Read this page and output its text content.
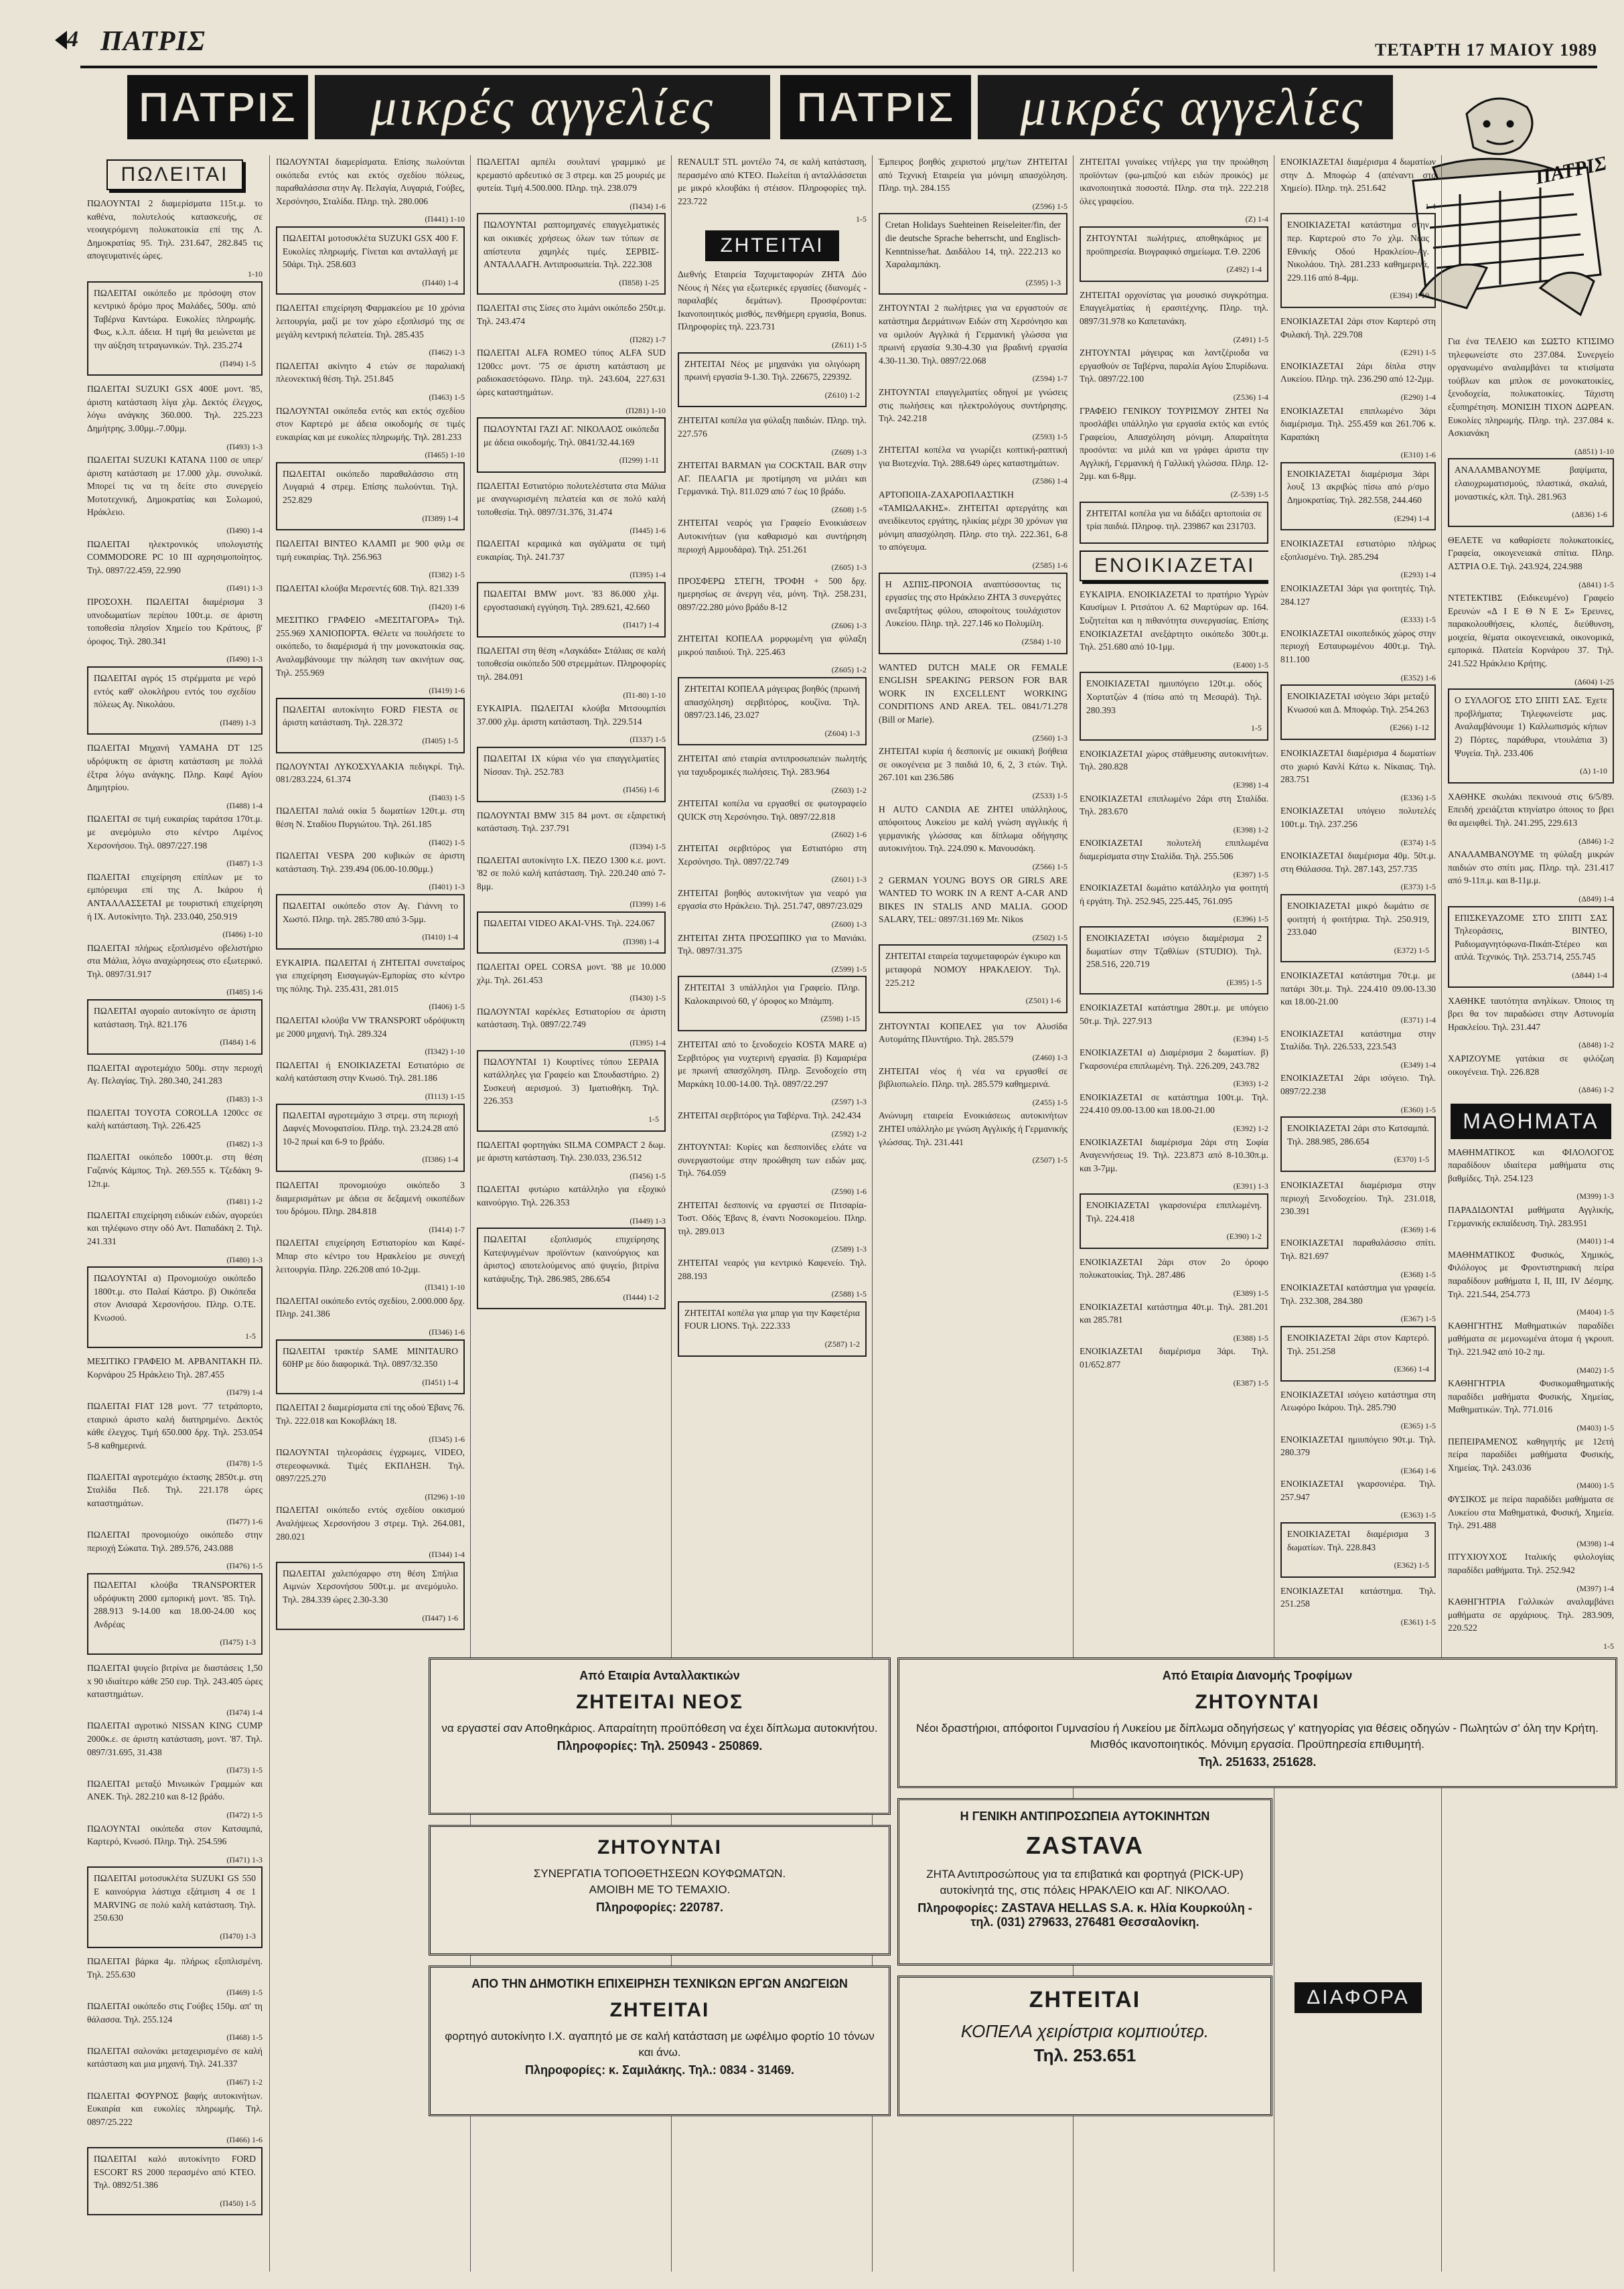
4 ΠΑΤΡΙΣ	ΤΕΤΑΡΤΗ 17 ΜΑΙΟΥ 1989
ΠΑΤΡΙΣ μικρές αγγελίες ΠΑΤΡΙΣ μικρές αγγελίες
ΠΑΤΡΙΣ
ΠΩΛΕΙΤΑΙ

ΠΩΛΟΥΝΤΑΙ 2 διαμερίσματα 115τ.μ. το καθένα, πολυτελούς κατασκευής, σε νεοαγερόμενη πολυκατοικία επί της Λ. Δημοκρατίας 95. Τηλ. 231.647, 282.845 τις απογευματινές ώρες.

1-10

ΠΩΛΕΙΤΑΙ οικόπεδο με πρόσοψη στον κεντρικό δρόμο προς Μαλάδες, 500μ. από Ταβέρνα Καντώρα. Ευκολίες πληρωμής. Φως, κ.λ.π. άδεια. Η τιμή θα μειώνεται με την αύξηση τετραγωνικών. Τηλ. 235.274

(Π494) 1-5

ΠΩΛΕΙΤΑΙ SUZUKI GSX 400E μοντ. '85, άριστη κατάσταση λίγα χλμ. Δεκτός έλεγχος, λόγω ανάγκης 360.000. Τηλ. 225.223 Δημήτρης. 3.00μμ.-7.00μμ.

(Π493) 1-3

ΠΩΛΕΙΤΑΙ SUZUKI KATANA 1100 σε υπερ/άριστη κατάσταση με 17.000 χλμ. συνολικά. Μπορεί τις να τη δείτε στο συνεργείο Μοτοτεχνική, Δημοκρατίας και Σολωμού, Ηράκλειο.

(Π490) 1-4

ΠΩΛΕΙΤΑΙ ηλεκτρονικός υπολογιστής COMMODORE PC 10 III αχρησιμοποίητος. Τηλ. 0897/22.459, 22.990

(Π491) 1-3

ΠΡΟΣΟΧΗ. ΠΩΛΕΙΤΑΙ διαμέρισμα 3 υπνοδωματίων περίπου 100τ.μ. σε άριστη τοποθεσία πλησίον Χημείο του Κράτους, β' όροφος. Τηλ. 280.341

(Π490) 1-3

ΠΩΛΕΙΤΑΙ αγρός 15 στρέμματα με νερό εντός καθ' ολοκλήρου εντός του σχεδίου πόλεως Αγ. Νικολάου.

(Π489) 1-3

ΠΩΛΕΙΤΑΙ Μηχανή YAMAHA DT 125 υδρόψυκτη σε άριστη κατάσταση με πολλά έξτρα λόγω ανάγκης. Πληρ. Καφέ Αγίου Δημητρίου.

(Π488) 1-4

ΠΩΛΕΙΤΑΙ σε τιμή ευκαιρίας ταράτσα 170τ.μ. με ανεμόμυλο στο κέντρο Λιμένος Χερσονήσου. Τηλ. 0897/227.198

(Π487) 1-3

ΠΩΛΕΙΤΑΙ επιχείρηση επίπλων με το εμπόρευμα επί της Λ. Ικάρου ή ΑΝΤΑΛΛΑΣΣΕΤΑΙ με τουριστική επιχείρηση ή ΙΧ. Αυτοκίνητο. Τηλ. 233.040, 250.919

(Π486) 1-10

ΠΩΛΕΙΤΑΙ πλήρως εξοπλισμένο οβελιστήριο στα Μάλια, λόγω αναχώρησεως στο εξωτερικό. Τηλ. 0897/31.917

(Π485) 1-6

ΠΩΛΕΙΤΑΙ αγοραίο αυτοκίνητο σε άριστη κατάσταση. Τηλ. 821.176

(Π484) 1-6

ΠΩΛΕΙΤΑΙ αγροτεμάχιο 500μ. στην περιοχή Αγ. Πελαγίας. Τηλ. 280.340, 241.283

(Π483) 1-3

ΠΩΛΕΙΤΑΙ TOYOTA COROLLA 1200cc σε καλή κατάσταση. Τηλ. 226.425

(Π482) 1-3

ΠΩΛΕΙΤΑΙ οικόπεδο 1000τ.μ. στη θέση Γαζανός Κάμπος. Τηλ. 269.555 κ. Τζεδάκη 9-12π.μ.

(Π481) 1-2

ΠΩΛΕΙΤΑΙ επιχείρηση ειδικών ειδών, αγορεύει και τηλέφωνο στην οδό Αντ. Παπαδάκη 2. Τηλ. 241.331

(Π480) 1-3

ΠΩΛΟΥΝΤΑΙ α) Προνομιούχο οικόπεδο 1800τ.μ. στο Παλαί Κάστρο. β) Οικόπεδα στον Ανισαρά Χερσονήσου. Πληρ. Ο.ΤΕ. Κνωσού.

1-5

ΜΕΣΙΤΙΚΟ ΓΡΑΦΕΙΟ Μ. ΑΡΒΑΝΙΤΑΚΗ Πλ. Κορνάρου 25 Ηράκλειο Τηλ. 287.455

(Π479) 1-4

ΠΩΛΕΙΤΑΙ FIAT 128 μοντ. '77 τετράπορτο, εταιρικό άριστο καλή διατηρημένο. Δεκτός κάθε έλεγχος. Τιμή 650.000 δρχ. Τηλ. 253.054 5-8 καθημερινά.

(Π478) 1-5

ΠΩΛΕΙΤΑΙ αγροτεμάχιο έκτασης 2850τ.μ. στη Σταλίδα Πεδ. Τηλ. 221.178 ώρες καταστημάτων.

(Π477) 1-6

ΠΩΛΕΙΤΑΙ προνομιούχο οικόπεδο στην περιοχή Σώκατα. Τηλ. 289.576, 243.088

(Π476) 1-5

ΠΩΛΕΙΤΑΙ κλούβα TRANSPORTER υδρόψυκτη 2000 εμπορική μοντ. '85. Τηλ. 288.913 9-14.00 και 18.00-24.00 κος Ανδρέας

(Π475) 1-3

ΠΩΛΕΙΤΑΙ ψυγείο βιτρίνα με διαστάσεις 1,50 x 90 ιδιαίτερο κάθε 250 ευρ. Τηλ. 243.405 ώρες καταστημάτων.

(Π474) 1-4

ΠΩΛΕΙΤΑΙ αγροτικό NISSAN KING CUMP 2000κ.ε. σε άριστη κατάσταση, μοντ. '87. Τηλ. 0897/31.695, 31.438

(Π473) 1-5

ΠΩΛΕΙΤΑΙ μεταξύ Μινωικών Γραμμών και ΑΝΕΚ. Τηλ. 282.210 και 8-12 βράδυ.

(Π472) 1-5

ΠΩΛΟΥΝΤΑΙ οικόπεδα στον Κατσαμπά, Καρτερό, Κνωσό. Πληρ. Τηλ. 254.596

(Π471) 1-3

ΠΩΛΕΙΤΑΙ μοτοσυκλέτα SUZUKI GS 550 E καινούργια λάστιχα εξάτμιση 4 σε 1 MARVING σε πολύ καλή κατάσταση. Τηλ. 250.630

(Π470) 1-3

ΠΩΛΕΙΤΑΙ βάρκα 4μ. πλήρως εξοπλισμένη. Τηλ. 255.630

(Π469) 1-5

ΠΩΛΕΙΤΑΙ οικόπεδο στις Γούβες 150μ. απ' τη θάλασσα. Τηλ. 255.124

(Π468) 1-5

ΠΩΛΕΙΤΑΙ σαλονάκι μεταχειρισμένο σε καλή κατάσταση και μια μηχανή. Τηλ. 241.337

(Π467) 1-2

ΠΩΛΕΙΤΑΙ ΦΟΥΡΝΟΣ βαφής αυτοκινήτων. Ευκαιρία και ευκολίες πληρωμής. Τηλ. 0897/25.222

(Π466) 1-6

ΠΩΛΕΙΤΑΙ καλό αυτοκίνητο FORD ESCORT RS 2000 περασμένο από ΚΤΕΟ. Τηλ. 0892/51.386

(Π450) 1-5

ΠΩΛΟΥΝΤΑΙ διαμερίσματα. Επίσης πωλούνται οικόπεδα εντός και εκτός σχεδίου πόλεως, παραθαλάσσια στην Αγ. Πελαγία, Λυγαριά, Γούβες, Χερσόνησο, Σταλίδα. Πληρ. τηλ. 280.006

(Π441) 1-10

ΠΩΛΕΙΤΑΙ μοτοσυκλέτα SUZUKI GSX 400 F. Ευκολίες πληρωμής. Γίνεται και ανταλλαγή με 50άρι. Τηλ. 258.603

(Π440) 1-4

ΠΩΛΕΙΤΑΙ επιχείρηση Φαρμακείου με 10 χρόνια λειτουργία, μαζί με τον χώρο εξοπλισμό της σε μεγάλη κεντρική πελατεία. Τηλ. 285.435

(Π462) 1-3

ΠΩΛΕΙΤΑΙ ακίνητο 4 ετών σε παραλιακή πλεονεκτική θέση. Τηλ. 251.845

(Π463) 1-5

ΠΩΛΟΥΝΤΑΙ οικόπεδα εντός και εκτός σχεδίου στον Καρτερό με άδεια οικοδομής σε τιμές ευκαιρίας και με ευκολίες πληρωμής. Τηλ. 281.233

(Π465) 1-10

ΠΩΛΕΙΤΑΙ οικόπεδο παραθαλάσσιο στη Λυγαριά 4 στρεμ. Επίσης πωλούνται. Τηλ. 252.829

(Π389) 1-4

ΠΩΛΕΙΤΑΙ BINTEO ΚΛΑΜΠ με 900 φιλμ σε τιμή ευκαιρίας. Τηλ. 256.963

(Π382) 1-5

ΠΩΛΕΙΤΑΙ κλούβα Μερσεντές 608. Τηλ. 821.339

(Π420) 1-6

ΜΕΣΙΤΙΚΟ ΓΡΑΦΕΙΟ «ΜΕΣΙΤΑΓΟΡΑ» Τηλ. 255.969 ΧΑΝΙΟΠΟΡΤΑ. Θέλετε να πουλήσετε το οικόπεδο, το διαμέρισμά ή την μονοκατοικία σας. Αναλαμβάνουμε την πώληση των ακινήτων σας. Τηλ. 255.969

(Π419) 1-6

ΠΩΛΕΙΤΑΙ αυτοκίνητο FORD FIESTA σε άριστη κατάσταση. Τηλ. 228.372

(Π405) 1-5

ΠΩΛΟΥΝΤΑΙ ΛΥΚΟΣΧΥΛΑΚΙΑ πεδιγκρί. Τηλ. 081/283.224, 61.374

(Π403) 1-5

ΠΩΛΕΙΤΑΙ παλιά οικία 5 δωματίων 120τ.μ. στη θέση Ν. Σταδίου Πυργιώτου. Τηλ. 261.185

(Π402) 1-5

ΠΩΛΕΙΤΑΙ VESPA 200 κυβικών σε άριστη κατάσταση. Τηλ. 239.494 (06.00-10.00μμ.)

(Π401) 1-3

ΠΩΛΕΙΤΑΙ οικόπεδο στον Αγ. Γιάννη το Χωστό. Πληρ. τηλ. 285.780 από 3-5μμ.

(Π410) 1-4

ΕΥΚΑΙΡΙΑ. ΠΩΛΕΙΤΑΙ ή ΖΗΤΕΙΤΑΙ συνεταίρος για επιχείρηση Εισαγωγών-Εμπορίας στο κέντρο της πόλης. Τηλ. 235.431, 281.015

(Π406) 1-5

ΠΩΛΕΙΤΑΙ κλούβα VW TRANSPORT υδρόψυκτη με 2000 μηχανή. Τηλ. 289.324

(Π342) 1-10

ΠΩΛΕΙΤΑΙ ή ΕΝΟΙΚΙΑΖΕΤΑΙ Εστιατόριο σε καλή κατάσταση στην Κνωσό. Τηλ. 281.186

(Π113) 1-15

ΠΩΛΕΙΤΑΙ αγροτεμάχιο 3 στρεμ. στη περιοχή Δαφνές Μονοφατσίου. Πληρ. τηλ. 23.24.28 από 10-2 πρωί και 6-9 το βράδυ.

(Π386) 1-4

ΠΩΛΕΙΤΑΙ προνομιούχο οικόπεδο 3 διαμερισμάτων με άδεια σε δεξαμενή οικοπέδων του δρόμου. Πληρ. 284.818

(Π414) 1-7

ΠΩΛΕΙΤΑΙ επιχείρηση Εστιατορίου και Καφέ-Μπαρ στο κέντρο του Ηρακλείου με συνεχή λειτουργία. Πληρ. 226.208 από 10-2μμ.

(Π341) 1-10

ΠΩΛΕΙΤΑΙ οικόπεδο εντός σχεδίου, 2.000.000 δρχ. Πληρ. 241.386

(Π346) 1-6

ΠΩΛΕΙΤΑΙ τρακτέρ SAME MINITAURO 60HP με δύο διαφορικά. Τηλ. 0897/32.350

(Π451) 1-4

ΠΩΛΕΙΤΑΙ 2 διαμερίσματα επί της οδού Έβανς 76. Τηλ. 222.018 και Κοκοβλάκη 18.

(Π345) 1-6

ΠΩΛΟΥΝΤΑΙ τηλεοράσεις έγχρωμες, VIDEO, στερεοφωνικά. Τιμές ΕΚΠΛΗΞΗ. Τηλ. 0897/225.270

(Π296) 1-10

ΠΩΛΕΙΤΑΙ οικόπεδο εντός σχεδίου οικισμού Αναλήψεως Χερσονήσου 3 στρεμ. Τηλ. 264.081, 280.021

(Π344) 1-4

ΠΩΛΕΙΤΑΙ χαλεπόχαρφο στη θέση Σπήλια Αιμνών Χερσονήσου 500τ.μ. με ανεμόμυλο. Τηλ. 284.339 ώρες 2.30-3.30

(Π447) 1-6

ΠΩΛΕΙΤΑΙ αμπέλι σουλτανί γραμμικό με κρεμαστό αρδευτικό σε 3 στρεμ. και 25 μουριές με φυτεία. Τιμή 4.500.000. Πληρ. τηλ. 238.079

(Π434) 1-6

ΠΩΛΟΥΝΤΑΙ ραπτομηχανές επαγγελματικές και οικιακές χρήσεως όλων των τύπων σε απίστευτα χαμηλές τιμές. ΣΕΡΒΙΣ-ΑΝΤΑΛΛΑΓΗ. Αντιπροσωπεία. Τηλ. 222.308

(Π858) 1-25

ΠΩΛΕΙΤΑΙ στις Σίσες στο λιμάνι οικόπεδο 250τ.μ. Τηλ. 243.474

(Π282) 1-7

ΠΩΛΕΙΤΑΙ ALFA ROMEO τύπος ALFA SUD 1200cc μοντ. '75 σε άριστη κατάσταση με ραδιοκασετόφωνο. Πληρ. τηλ. 243.604, 227.631 ώρες καταστημάτων.

(Π281) 1-10

ΠΩΛΟΥΝΤΑΙ ΓΑΖΙ ΑΓ. ΝΙΚΟΛΑΟΣ οικόπεδα με άδεια οικοδομής. Τηλ. 0841/32.44.169

(Π299) 1-11

ΠΩΛΕΙΤΑΙ Εστιατόριο πολυτελέστατα στα Μάλια με αναγνωρισμένη πελατεία και σε πολύ καλή τοποθεσία. Τηλ. 0897/31.376, 31.474

(Π445) 1-6

ΠΩΛΕΙΤΑΙ κεραμικά και αγάλματα σε τιμή ευκαιρίας. Τηλ. 241.737

(Π395) 1-4

ΠΩΛΕΙΤΑΙ BMW μοντ. '83 86.000 χλμ. εργοστασιακή εγγύηση. Τηλ. 289.621, 42.660

(Π417) 1-4

ΠΩΛΕΙΤΑΙ στη θέση «Λαγκάδα» Στάλιας σε καλή τοποθεσία οικόπεδο 500 στρεμμάτων. Πληροφορίες τηλ. 284.091

(Π1-80) 1-10

ΕΥΚΑΙΡΙΑ. ΠΩΛΕΙΤΑΙ κλούβα Μιτσουμπίσι 37.000 χλμ. άριστη κατάσταση. Τηλ. 229.514

(Π337) 1-5

ΠΩΛΕΙΤΑΙ ΙΧ κύρια νέο για επαγγελματίες Νίσσαν. Τηλ. 252.783

(Π456) 1-6

ΠΩΛΟΥΝΤΑΙ BMW 315 84 μοντ. σε εξαιρετική κατάσταση. Τηλ. 237.791

(Π394) 1-5

ΠΩΛΕΙΤΑΙ αυτοκίνητο Ι.Χ. ΠΕΖΟ 1300 κ.ε. μοντ. '82 σε πολύ καλή κατάσταση. Τηλ. 220.240 από 7-8μμ.

(Π399) 1-6

ΠΩΛΕΙΤΑΙ VIDEO AKAI-VHS. Τηλ. 224.067

(Π398) 1-4

ΠΩΛΕΙΤΑΙ OPEL CORSA μοντ. '88 με 10.000 χλμ. Τηλ. 261.453

(Π430) 1-5

ΠΩΛΟΥΝΤΑΙ καρέκλες Εστιατορίου σε άριστη κατάσταση. Τηλ. 0897/22.749

(Π395) 1-4

ΠΩΛΟΥΝΤΑΙ 1) Κουρτίνες τύπου ΣΕΡΑΙΑ κατάλληλες για Γραφείο και Σπουδαστήριο. 2) Συσκευή αερισμού. 3) Ιματιοθήκη. Τηλ. 226.353

1-5

ΠΩΛΕΙΤΑΙ φορτηγάκι SILMA COMPACT 2 δωμ. με άριστη κατάσταση. Τηλ. 230.033, 236.512

(Π456) 1-5

ΠΩΛΕΙΤΑΙ φυτώριο κατάλληλο για εξοχικό καινούργιο. Τηλ. 226.353

(Π449) 1-3

ΠΩΛΕΙΤΑΙ εξοπλισμός επιχείρησης Κατεψυγμένων προϊόντων (καινούργιος και άριστος) αποτελούμενος από ψυγείο, βιτρίνα κατάψυξης. Τηλ. 286.985, 286.654

(Π444) 1-2

RENAULT 5TL μοντέλο 74, σε καλή κατάσταση, περασμένο από ΚΤΕΟ. Πωλείται ή ανταλλάσσεται με μικρό κλουβάκι ή στέισον. Πληροφορίες τηλ. 223.722

1-5
ΖΗΤΕΙΤΑΙ

Διεθνής Εταιρεία Ταχυμεταφορών ΖΗΤΑ Δύο Νέους ή Νέες για εξωτερικές εργασίες (διανομές - παραλαβές δεμάτων). Προσφέρονται: Ικανοποιητικός μισθός, πενθήμερη εργασία, Bonus. Πληροφορίες τηλ. 223.731

(Z611) 1-5

ΖΗΤΕΙΤΑΙ Νέος με μηχανάκι για ολιγόωρη πρωινή εργασία 9-1.30. Τηλ. 226675, 229392.

(Z610) 1-2

ΖΗΤΕΙΤΑΙ κοπέλα για φύλαξη παιδιών. Πληρ. τηλ. 227.576

(Z609) 1-3

ΖΗΤΕΙΤΑΙ BARMAN για COCKTAIL BAR στην ΑΓ. ΠΕΛΑΓΙΑ με προτίμηση να μιλάει και Γερμανικά. Τηλ. 811.029 από 7 έως 10 βράδυ.

(Z608) 1-5

ΖΗΤΕΙΤΑΙ νεαρός για Γραφείο Ενοικιάσεων Αυτοκινήτων (για καθαρισμό και συντήρηση περιοχή Αμμουδάρα). Τηλ. 251.261

(Z605) 1-3

ΠΡΟΣΦΕΡΩ ΣΤΕΓΗ, ΤΡΟΦΗ + 500 δρχ. ημερησίως σε άνεργη νέα, μόνη. Τηλ. 258.231, 0897/22.280 μόνο βράδυ 8-12

(Z606) 1-3

ΖΗΤΕΙΤΑΙ ΚΟΠΕΛΑ μορφωμένη για φύλαξη μικρού παιδιού. Τηλ. 225.463

(Z605) 1-2

ΖΗΤΕΙΤΑΙ ΚΟΠΕΛΑ μάγειρας βοηθός (πρωινή απασχόληση) σερβιτόρος, κουζίνα. Τηλ. 0897/23.146, 23.027

(Z604) 1-3

ΖΗΤΕΙΤΑΙ από εταιρία αντιπροσωπειών πωλητής για ταχυδρομικές πωλήσεις. Τηλ. 283.964

(Z603) 1-2

ΖΗΤΕΙΤΑΙ κοπέλα να εργασθεί σε φωτογραφείο QUICK στη Χερσόνησο. Τηλ. 0897/22.818

(Z602) 1-6

ΖΗΤΕΙΤΑΙ σερβιτόρος για Εστιατόριο στη Χερσόνησο. Τηλ. 0897/22.749

(Z601) 1-3

ΖΗΤΕΙΤΑΙ βοηθός αυτοκινήτων για νεαρό για εργασία στο Ηράκλειο. Τηλ. 251.747, 0897/23.029

(Z600) 1-3

ΖΗΤΕΙΤΑΙ ΖΗΤΑ ΠΡΟΣΩΠΙΚΟ για το Μανιάκι. Τηλ. 0897/31.375

(Z599) 1-5

ΖΗΤΕΙΤΑΙ 3 υπάλληλοι για Γραφείο. Πληρ. Καλοκαιρινού 60, γ' όροφος κο Μπάμπη.

(Z598) 1-15

ΖΗΤΕΙΤΑΙ από το ξενοδοχείο KOSTA MARE α) Σερβιτόρος για νυχτερινή εργασία. β) Καμαριέρα με πρωινή απασχόληση. Πληρ. Ξενοδοχείο στη Μαρκάκη 10.00-14.00. Τηλ. 0897/22.297

(Z597) 1-3

ΖΗΤΕΙΤΑΙ σερβιτόρος για Ταβέρνα. Τηλ. 242.434

(Z592) 1-2

ΖΗΤΟΥΝΤΑΙ: Κυρίες και δεσποινίδες ελάτε να συνεργαστούμε στην προώθηση των ειδών μας. Τηλ. 764.059

(Z590) 1-6

ΖΗΤΕΙΤΑΙ δεσποινίς να εργαστεί σε Πιτσαρία-Τοστ. Οδός Έβανς 8, έναντι Νοσοκομείου. Πληρ. τηλ. 289.013

(Z589) 1-3

ΖΗΤΕΙΤΑΙ νεαρός για κεντρικό Καφενείο. Τηλ. 288.193

(Z588) 1-5

ΖΗΤΕΙΤΑΙ κοπέλα για μπαρ για την Καφετέρια FOUR LIONS. Τηλ. 222.333

(Z587) 1-2

Έμπειρος βοηθός χειριστού μηχ/των ΖΗΤΕΙΤΑΙ από Τεχνική Εταιρεία για μόνιμη απασχόληση. Πληρ. τηλ. 284.155

(Z596) 1-5

Cretan Holidays Suehteinen Reiseleiter/fin, der die deutsche Sprache beherrscht, und Englisch-Kenntnisse/hat. Δαιδάλου 14, τηλ. 222.213 κο Χαραλαμπάκη.

(Z595) 1-3

ΖΗΤΟΥΝΤΑΙ 2 πωλήτριες για να εργαστούν σε κατάστημα Δερμάτινων Ειδών στη Χερσόνησο και να ομιλούν Αγγλικά ή Γερμανική γλώσσα για πρωινή εργασία 9.30-4.30 για βραδινή εργασία 4.30-11.30. Τηλ. 0897/22.068

(Z594) 1-7

ΖΗΤΟΥΝΤΑΙ επαγγελματίες οδηγοί με γνώσεις στις πωλήσεις και ηλεκτρολόγους συντήρησης. Τηλ. 242.218

(Z593) 1-5

ΖΗΤΕΙΤΑΙ κοπέλα να γνωρίζει κοπτική-ραπτική για Βιοτεχνία. Τηλ. 288.649 ώρες καταστημάτων.

(Z586) 1-4

ΑΡΤΟΠΟΙΙΑ-ΖΑΧΑΡΟΠΛΑΣΤΙΚΗ «ΤΑΜΙΩΛΑΚΗΣ». ΖΗΤΕΙΤΑΙ αρτεργάτης και ανειδίκευτος εργάτης, ηλικίας μέχρι 30 χρόνων για μόνιμη απασχόληση. Πληρ. στο τηλ. 222.361, 6-8 το απόγευμα.

(Z585) 1-6

Η ΑΣΠΙΣ-ΠΡΟΝΟΙΑ αναπτύσσοντας τις εργασίες της στο Ηράκλειο ΖΗΤΑ 3 συνεργάτες ανεξαρτήτως φύλου, αποφοίτους τουλάχιστον Λυκείου. Πληρ. τηλ. 227.146 κο Πολυμίλη.

(Z584) 1-10

WANTED DUTCH MALE OR FEMALE ENGLISH SPEAKING PERSON FOR BAR WORK IN EXCELLENT WORKING CONDITIONS AND AREA. TEL. 0841/71.278 (Bill or Marie).

(Z560) 1-3

ΖΗΤΕΙΤΑΙ κυρία ή δεσποινίς με οικιακή βοήθεια σε οικογένεια με 3 παιδιά 10, 6, 2, 3 ετών. Τηλ. 267.101 και 236.586

(Z533) 1-5

Η AUTO CANDIA AE ZHTEI υπάλληλους, απόφοιτους Λυκείου με καλή γνώση αγγλικής ή γερμανικής γλώσσας και δίπλωμα οδήγησης αυτοκινήτου. Τηλ. 224.090 κ. Μανουσάκη.

(Z566) 1-5

2 GERMAN YOUNG BOYS OR GIRLS ARE WANTED TO WORK IN A RENT A-CAR AND BIKES IN STALIS AND MALIA. GOOD SALARY, TEL: 0897/31.169 Mr. Nikos

(Z502) 1-5

ΖΗΤΕΙΤΑΙ εταιρεία ταχυμεταφορών έγκυρο και μεταφορά ΝΟΜΟΥ ΗΡΑΚΛΕΙΟΥ. Τηλ. 225.212

(Z501) 1-6

ΖΗΤΟΥΝΤΑΙ ΚΟΠΕΛΕΣ για τον Αλυσίδα Αυτομάτης Πλυντήριο. Τηλ. 285.579

(Z460) 1-3

ΖΗΤΕΙΤΑΙ νέος ή νέα να εργασθεί σε βιβλιοπωλείο. Πληρ. τηλ. 285.579 καθημερινά.

(Z455) 1-5

Ανώνυμη εταιρεία Ενοικιάσεως αυτοκινήτων ΖΗΤΕΙ υπάλληλο με γνώση Αγγλικής ή Γερμανικής γλώσσας. Τηλ. 231.441

(Z507) 1-5

ΖΗΤΕΙΤΑΙ γυναίκες ντήλερς για την προώθηση προϊόντων (φω-μπιζού και ειδών προικός) με ικανοποιητικά ποσοστά. Πληρ. στα τηλ. 222.218 όλες γραφείου.

(Z) 1-4

ΖΗΤΟΥΝΤΑΙ πωλήτριες, αποθηκάριος με προϋπηρεσία. Βιογραφικό σημείωμα. Τ.Θ. 2206

(Z492) 1-4

ΖΗΤΕΙΤΑΙ ορχονίστας για μουσικό συγκρότημα. Επαγγελματίας ή ερασιτέχνης. Πληρ. τηλ. 0897/31.978 κο Καπετανάκη.

(Z491) 1-5

ΖΗΤΟΥΝΤΑΙ μάγειρας και λαντζέριοδα να εργασθούν σε Ταβέρνα, παραλία Αγίου Σπυρίδωνα. Τηλ. 0897/22.100

(Z536) 1-4

ΓΡΑΦΕΙΟ ΓΕΝΙΚΟΥ ΤΟΥΡΙΣΜΟΥ ΖΗΤΕΙ Να προσλάβει υπάλληλο για εργασία εκτός και εντός Γραφείου, Απασχόληση μόνιμη. Απαραίτητα προσόντα: να μιλά και να γράφει άριστα την Αγγλική, Γερμανική ή Γαλλική γλώσσα. Πληρ. 12-2μμ. και 6-8μμ.

(Z-539) 1-5

ΖΗΤΕΙΤΑΙ κοπέλα για να διδάξει αρτοποιία σε τρία παιδιά. Πληροφ. τηλ. 239867 και 231703.

ΕΝΟΙΚΙΑΖΕΤΑΙ

ΕΥΚΑΙΡΙΑ. ΕΝΟΙΚΙΑΖΕΤΑΙ το πρατήριο Υγρών Καυσίμων Ι. Ριτσάτου Λ. 62 Μαρτύρων αρ. 164. Συζητείται και η πιθανότητα συνεργασίας. Επίσης ΕΝΟΙΚΙΑΖΕΤΑΙ ανεξάρτητο οικόπεδο 300τ.μ. Τηλ. 251.680 από 10-1μμ.

(Ε400) 1-5

ΕΝΟΙΚΙΑΖΕΤΑΙ ημιυπόγειο 120τ.μ. οδός Χορτατζών 4 (πίσω από τη Μεσαρά). Τηλ. 280.393

1-5

ΕΝΟΙΚΙΑΖΕΤΑΙ χώρος στάθμευσης αυτοκινήτων. Τηλ. 280.828

(Ε398) 1-4

ΕΝΟΙΚΙΑΖΕΤΑΙ επιπλωμένο 2άρι στη Σταλίδα. Τηλ. 283.670

(Ε398) 1-2

ΕΝΟΙΚΙΑΖΕΤΑΙ πολυτελή επιπλωμένα διαμερίσματα στην Σταλίδα. Τηλ. 255.506

(Ε397) 1-5

ΕΝΟΙΚΙΑΖΕΤΑΙ δωμάτιο κατάλληλο για φοιτητή ή εργάτη. Τηλ. 252.945, 225.445, 761.095

(Ε396) 1-5

ΕΝΟΙΚΙΑΖΕΤΑΙ ισόγειο διαμέρισμα 2 δωματίων στην Τζαθλίων (STUDIO). Τηλ. 258.516, 220.719

(Ε395) 1-5

ΕΝΟΙΚΙΑΖΕΤΑΙ κατάστημα 280τ.μ. με υπόγειο 50τ.μ. Τηλ. 227.913

(Ε394) 1-5

ΕΝΟΙΚΙΑΖΕΤΑΙ α) Διαμέρισμα 2 δωματίων. β) Γκαρσονιέρα επιπλωμένη. Τηλ. 226.209, 243.782

(Ε393) 1-2

ΕΝΟΙΚΙΑΖΕΤΑΙ σε κατάστημα 100τ.μ. Τηλ. 224.410 09.00-13.00 και 18.00-21.00

(Ε392) 1-2

ΕΝΟΙΚΙΑΖΕΤΑΙ διαμέρισμα 2άρι στη Σοφία Αναγεννήσεως 19. Τηλ. 223.873 από 8-10.30π.μ. και 3-7μμ.

(Ε391) 1-3

ΕΝΟΙΚΙΑΖΕΤΑΙ γκαρσονιέρα επιπλωμένη. Τηλ. 224.418

(Ε390) 1-2

ΕΝΟΙΚΙΑΖΕΤΑΙ 2άρι στον 2ο όροφο πολυκατοικίας. Τηλ. 287.486

(Ε389) 1-5

ΕΝΟΙΚΙΑΖΕΤΑΙ κατάστημα 40τ.μ. Τηλ. 281.201 και 285.781

(Ε388) 1-5

ΕΝΟΙΚΙΑΖΕΤΑΙ διαμέρισμα 3άρι. Τηλ. 01/652.877

(Ε387) 1-5

ΕΝΟΙΚΙΑΖΕΤΑΙ διαμέρισμα 4 δωματίων στην Δ. Μποφώρ 4 (απέναντι στο Χημείο). Πληρ. τηλ. 251.642

1-4

ΕΝΟΙΚΙΑΖΕΤΑΙ κατάστημα στην περ. Καρτερού στο 7ο χλμ. Νέας Εθνικής Οδού Ηρακλείου-Αγ. Νικολάου. Τηλ. 281.233 καθημερινά, 229.116 από 8-4μμ.

(Ε394) 1-10

ΕΝΟΙΚΙΑΖΕΤΑΙ 2άρι στον Καρτερό στη Φυλακή. Τηλ. 229.708

(Ε291) 1-5

ΕΝΟΙΚΙΑΖΕΤΑΙ 2άρι δίπλα στην Λυκείου. Πληρ. τηλ. 236.290 από 12-2μμ.

(Ε290) 1-4

ΕΝΟΙΚΙΑΖΕΤΑΙ επιπλωμένο 3άρι διαμέρισμα. Τηλ. 255.459 και 261.706 κ. Καραπάκη

(Ε310) 1-6

ΕΝΟΙΚΙΑΖΕΤΑΙ διαμέρισμα 3άρι λουξ 13 ακριβώς πίσω από ρ/σμο Δημοκρατίας. Τηλ. 282.558, 244.460

(Ε294) 1-4

ΕΝΟΙΚΙΑΖΕΤΑΙ εστιατόριο πλήρως εξοπλισμένο. Τηλ. 285.294

(Ε293) 1-4

ΕΝΟΙΚΙΑΖΕΤΑΙ 3άρι για φοιτητές. Τηλ. 284.127

(Ε333) 1-5

ΕΝΟΙΚΙΑΖΕΤΑΙ οικοπεδικός χώρος στην περιοχή Εσταυρωμένου 400τ.μ. Τηλ. 811.100

(Ε352) 1-6

ΕΝΟΙΚΙΑΖΕΤΑΙ ισόγειο 3άρι μεταξύ Κνωσού και Δ. Μποφώρ. Τηλ. 254.263

(Ε266) 1-12

ΕΝΟΙΚΙΑΖΕΤΑΙ διαμέρισμα 4 δωματίων στο χωριό Κανλί Κάτω κ. Νίκαιας. Τηλ. 283.751

(Ε336) 1-5

ΕΝΟΙΚΙΑΖΕΤΑΙ υπόγειο πολυτελές 100τ.μ. Τηλ. 237.256

(Ε374) 1-5

ΕΝΟΙΚΙΑΖΕΤΑΙ διαμέρισμα 40μ. 50τ.μ. στη Θάλασσα. Τηλ. 287.143, 257.735

(Ε373) 1-5

ΕΝΟΙΚΙΑΖΕΤΑΙ μικρό δωμάτιο σε φοιτητή ή φοιτήτρια. Τηλ. 250.919, 233.040

(Ε372) 1-5

ΕΝΟΙΚΙΑΖΕΤΑΙ κατάστημα 70τ.μ. με πατάρι 30τ.μ. Τηλ. 224.410 09.00-13.30 και 18.00-21.00

(Ε371) 1-4

ΕΝΟΙΚΙΑΖΕΤΑΙ κατάστημα στην Σταλίδα. Τηλ. 226.533, 223.543

(Ε349) 1-4

ΕΝΟΙΚΙΑΖΕΤΑΙ 2άρι ισόγειο. Τηλ. 0897/22.238

(Ε360) 1-5

ΕΝΟΙΚΙΑΖΕΤΑΙ 2άρι στο Κατσαμπά. Τηλ. 288.985, 286.654

(Ε370) 1-5

ΕΝΟΙΚΙΑΖΕΤΑΙ διαμέρισμα στην περιοχή Ξενοδοχείου. Τηλ. 231.018, 230.391

(Ε369) 1-6

ΕΝΟΙΚΙΑΖΕΤΑΙ παραθαλάσσιο σπίτι. Τηλ. 821.697

(Ε368) 1-5

ΕΝΟΙΚΙΑΖΕΤΑΙ κατάστημα για γραφεία. Τηλ. 232.308, 284.380

(Ε367) 1-5

ΕΝΟΙΚΙΑΖΕΤΑΙ 2άρι στον Καρτερό. Τηλ. 251.258

(Ε366) 1-4

ΕΝΟΙΚΙΑΖΕΤΑΙ ισόγειο κατάστημα στη Λεωφόρο Ικάρου. Τηλ. 285.790

(Ε365) 1-5

ΕΝΟΙΚΙΑΖΕΤΑΙ ημιυπόγειο 90τ.μ. Τηλ. 280.379

(Ε364) 1-6

ΕΝΟΙΚΙΑΖΕΤΑΙ γκαρσονιέρα. Τηλ. 257.947

(Ε363) 1-5

ΕΝΟΙΚΙΑΖΕΤΑΙ διαμέρισμα 3 δωματίων. Τηλ. 228.843

(Ε362) 1-5

ΕΝΟΙΚΙΑΖΕΤΑΙ κατάστημα. Τηλ. 251.258

(Ε361) 1-5

Για ένα ΤΕΛΕΙΟ και ΣΩΣΤΟ ΚΤΙΣΙΜΟ τηλεφωνείστε στο 237.084. Συνεργείο οργανωμένο αναλαμβάνει τα κτισίματα τούβλων και μπλοκ σε μονοκατοικίες, ξενοδοχεία, πολυκατοικίες. Τάχιστη εξυπηρέτηση. ΜΟΝΙΣΙΗ ΤΙΧΟΝ ΔΩΡΕΑΝ. Ευκολίες πληρωμής. Πληρ. τηλ. 237.084 κ. Ασκιανάκη

(Δ851) 1-10

ΑΝΑΛΑΜΒΑΝΟΥΜΕ βαψίματα, ελαιοχρωματισμούς, πλαστικά, σκαλιά, μοναστικές, κλπ. Τηλ. 281.963

(Δ836) 1-6

ΘΕΛΕΤΕ να καθαρίσετε πολυκατοικίες, Γραφεία, οικογενειακά σπίτια. Πληρ. ΑΣΤΡΙΑ Ο.Ε. Τηλ. 243.924, 224.988

(Δ841) 1-5

ΝΤΕΤΕΚΤΙΒΣ (Ειδικευμένο) Γραφείο Ερευνών «Δ Ι Ε Θ Ν Ε Σ» Έρευνες, παρακολουθήσεις, κλοπές, διεύθυνση, μοιχεία, θέματα οικογενειακά, οικονομικά, εμπορικά. Πλατεία Κορνάρου 37. Τηλ. 241.522 Ηράκλειο Κρήτης.

(Δ604) 1-25

Ο ΣΥΛΛΟΓΟΣ ΣΤΟ ΣΠΙΤΙ ΣΑΣ. Έχετε προβλήματα; Τηλεφωνείστε μας. Αναλαμβάνουμε 1) Καλλωπισμός κήπων 2) Πόρτες, παράθυρα, ντουλάπια 3) Ψυγεία. Τηλ. 233.406

(Δ) 1-10

ΧΑΘΗΚΕ σκυλάκι πεκινουά στις 6/5/89. Επειδή χρειάζεται κτηνίατρο όποιος το βρει θα αμειφθεί. Τηλ. 241.295, 229.613

(Δ846) 1-2

ΑΝΑΛΑΜΒΑΝΟΥΜΕ τη φύλαξη μικρών παιδιών στο σπίτι μας. Πληρ. τηλ. 231.417 από 9-11π.μ. και 8-11μ.μ.

(Δ849) 1-4

ΕΠΙΣΚΕΥΑΖΟΜΕ ΣΤΟ ΣΠΙΤΙ ΣΑΣ Τηλεοράσεις, BINTEO, Ραδιομαγνητόφωνα-Πικάπ-Στέρεο και απλά. Τεχνικός. Τηλ. 253.714, 255.745

(Δ844) 1-4

ΧΑΘΗΚΕ ταυτότητα ανηλίκων. Όποιος τη βρει θα τον παραδώσει στην Αστυνομία Ηρακλείου. Τηλ. 231.447

(Δ848) 1-2

ΧΑΡΙΖΟΥΜΕ γατάκια σε φιλόζωη οικογένεια. Τηλ. 226.828

(Δ846) 1-2
ΜΑΘΗΜΑΤΑ

ΜΑΘΗΜΑΤΙΚΟΣ και ΦΙΛΟΛΟΓΟΣ παραδίδουν ιδιαίτερα μαθήματα στις βαθμίδες. Τηλ. 254.123

(Μ399) 1-3

ΠΑΡΑΔΙΔΟΝΤΑΙ μαθήματα Αγγλικής, Γερμανικής εκπαίδευση. Τηλ. 283.951

(Μ401) 1-4

ΜΑΘΗΜΑΤΙΚΟΣ Φυσικός, Χημικός, Φιλόλογος με Φροντιστηριακή πείρα παραδίδουν μαθήματα I, II, III, IV Δέσμης. Τηλ. 221.544, 254.773

(Μ404) 1-5

ΚΑΘΗΓΗΤΗΣ Μαθηματικών παραδίδει μαθήματα σε μεμονωμένα άτομα ή γκρουπ. Τηλ. 221.942 από 10-2 πμ.

(Μ402) 1-5

ΚΑΘΗΓΗΤΡΙΑ Φυσικομαθηματικής παραδίδει μαθήματα Φυσικής, Χημείας, Μαθηματικών. Τηλ. 771.016

(Μ403) 1-5

ΠΕΠΕΙΡΑΜΕΝΟΣ καθηγητής με 12ετή πείρα παραδίδει μαθήματα Φυσικής, Χημείας. Τηλ. 243.036

(Μ400) 1-5

ΦΥΣΙΚΟΣ με πείρα παραδίδει μαθήματα σε Λυκείου στα Μαθηματικά, Φυσική, Χημεία. Τηλ. 291.488

(Μ398) 1-4

ΠΤΥΧΙΟΥΧΟΣ Ιταλικής φιλολογίας παραδίδει μαθήματα. Τηλ. 252.942

(Μ397) 1-4

ΚΑΘΗΓΗΤΡΙΑ Γαλλικών αναλαμβάνει μαθήματα σε αρχάριους. Τηλ. 283.909, 220.522

1-5
Από Εταιρία Ανταλλακτικών
ΖΗΤΕΙΤΑΙ ΝΕΟΣ
να εργαστεί σαν Αποθηκάριος. Απαραίτητη προϋπόθεση να έχει δίπλωμα αυτοκινήτου.
Πληροφορίες: Τηλ. 250943 - 250869.
ΖΗΤΟΥΝΤΑΙ
ΣΥΝΕΡΓΑΤΙΑ ΤΟΠΟΘΕΤΗΣΕΩΝ ΚΟΥΦΩΜΑΤΩΝ.
ΑΜΟΙΒΗ ΜΕ ΤΟ ΤΕΜΑΧΙΟ.
Πληροφορίες: 220787.
ΑΠΟ ΤΗΝ ΔΗΜΟΤΙΚΗ ΕΠΙΧΕΙΡΗΣΗ ΤΕΧΝΙΚΩΝ ΕΡΓΩΝ ΑΝΩΓΕΙΩΝ
ΖΗΤΕΙΤΑΙ
φορτηγό αυτοκίνητο Ι.Χ. αγαπητό με σε καλή κατάσταση με ωφέλιμο φορτίο 10 τόνων και άνω.
Πληροφορίες: κ. Σαμιλάκης. Τηλ.: 0834 - 31469.
Από Εταιρία Διανομής Τροφίμων
ΖΗΤΟΥΝΤΑΙ
Νέοι δραστήριοι, απόφοιτοι Γυμνασίου ή Λυκείου με δίπλωμα οδηγήσεως γ' κατηγορίας για θέσεις οδηγών - Πωλητών σ' όλη την Κρήτη. Μισθός ικανοποιητικός. Μόνιμη εργασία. Προϋπηρεσία επιθυμητή.
Τηλ. 251633, 251628.
Η ΓΕΝΙΚΗ ΑΝΤΙΠΡΟΣΩΠΕΙΑ ΑΥΤΟΚΙΝΗΤΩΝ
ZASTAVA
ΖΗΤΑ Αντιπροσώπους για τα επιβατικά και φορτηγά (PICK-UP) αυτοκίνητά της, στις πόλεις ΗΡΑΚΛΕΙΟ και ΑΓ. ΝΙΚΟΛΑΟ.
Πληροφορίες: ZASTAVA HELLAS S.A. κ. Ηλία Κουρκούλη - τηλ. (031) 279633, 276481 Θεσσαλονίκη.
ΖΗΤΕΙΤΑΙ
ΚΟΠΕΛΑ χειρίστρια κομπιούτερ.
Τηλ. 253.651
ΔΙΑΦΟΡΑ
